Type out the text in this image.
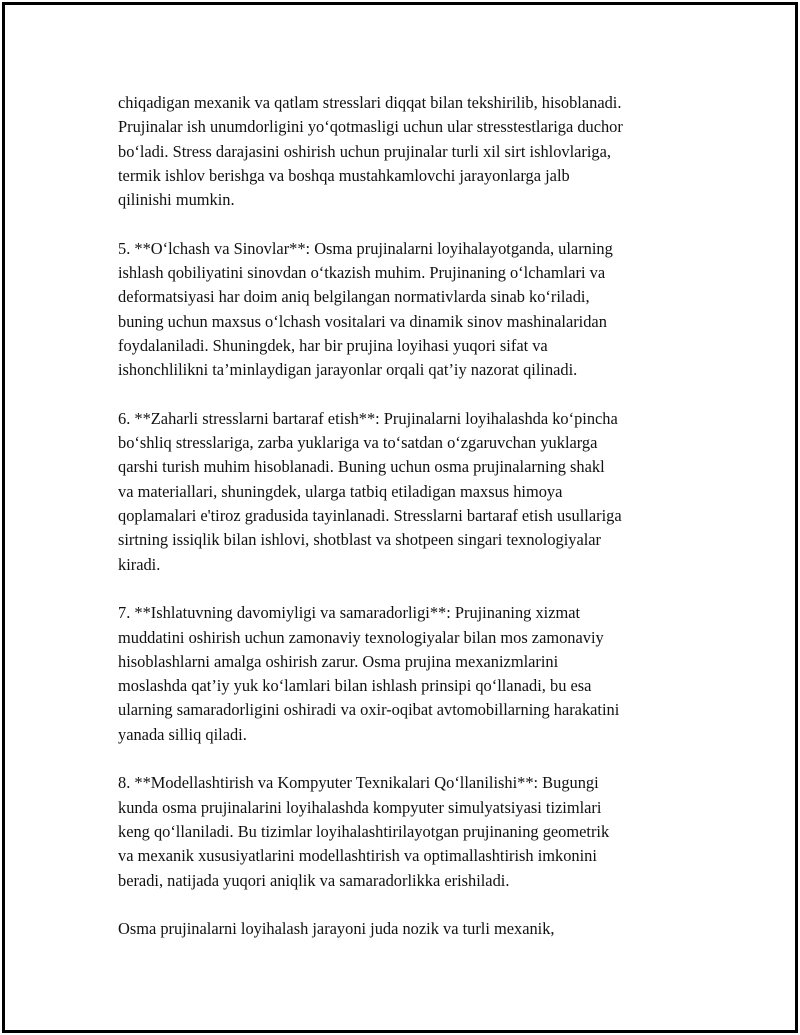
chiqadigan mexanik va qatlam stresslari diqqat bilan tekshirilib, hisoblanadi.
Prujinalar ish unumdorligini yo‘qotmasligi uchun ular stresstestlariga duchor
bo‘ladi. Stress darajasini oshirish uchun prujinalar turli xil sirt ishlovlariga,
termik ishlov berishga va boshqa mustahkamlovchi jarayonlarga jalb
qilinishi mumkin.

5. **O‘lchash va Sinovlar**: Osma prujinalarni loyihalayotganda, ularning
ishlash qobiliyatini sinovdan o‘tkazish muhim. Prujinaning o‘lchamlari va
deformatsiyasi har doim aniq belgilangan normativlarda sinab ko‘riladi,
buning uchun maxsus o‘lchash vositalari va dinamik sinov mashinalaridan
foydalaniladi. Shuningdek, har bir prujina loyihasi yuqori sifat va
ishonchlilikni ta’minlaydigan jarayonlar orqali qat’iy nazorat qilinadi.

6. **Zaharli stresslarni bartaraf etish**: Prujinalarni loyihalashda ko‘pincha
bo‘shliq stresslariga, zarba yuklariga va to‘satdan o‘zgaruvchan yuklarga
qarshi turish muhim hisoblanadi. Buning uchun osma prujinalarning shakl
va materiallari, shuningdek, ularga tatbiq etiladigan maxsus himoya
qoplamalari e'tiroz gradusida tayinlanadi. Stresslarni bartaraf etish usullariga
sirtning issiqlik bilan ishlovi, shotblast va shotpeen singari texnologiyalar
kiradi.

7. **Ishlatuvning davomiyligi va samaradorligi**: Prujinaning xizmat
muddatini oshirish uchun zamonaviy texnologiyalar bilan mos zamonaviy
hisoblashlarni amalga oshirish zarur. Osma prujina mexanizmlarini
moslashda qat’iy yuk ko‘lamlari bilan ishlash prinsipi qo‘llanadi, bu esa
ularning samaradorligini oshiradi va oxir-oqibat avtomobillarning harakatini
yanada silliq qiladi.

8. **Modellashtirish va Kompyuter Texnikalari Qo‘llanilishi**: Bugungi
kunda osma prujinalarini loyihalashda kompyuter simulyatsiyasi tizimlari
keng qo‘llaniladi. Bu tizimlar loyihalashtirilayotgan prujinaning geometrik
va mexanik xususiyatlarini modellashtirish va optimallashtirish imkonini
beradi, natijada yuqori aniqlik va samaradorlikka erishiladi.

Osma prujinalarni loyihalash jarayoni juda nozik va turli mexanik,
